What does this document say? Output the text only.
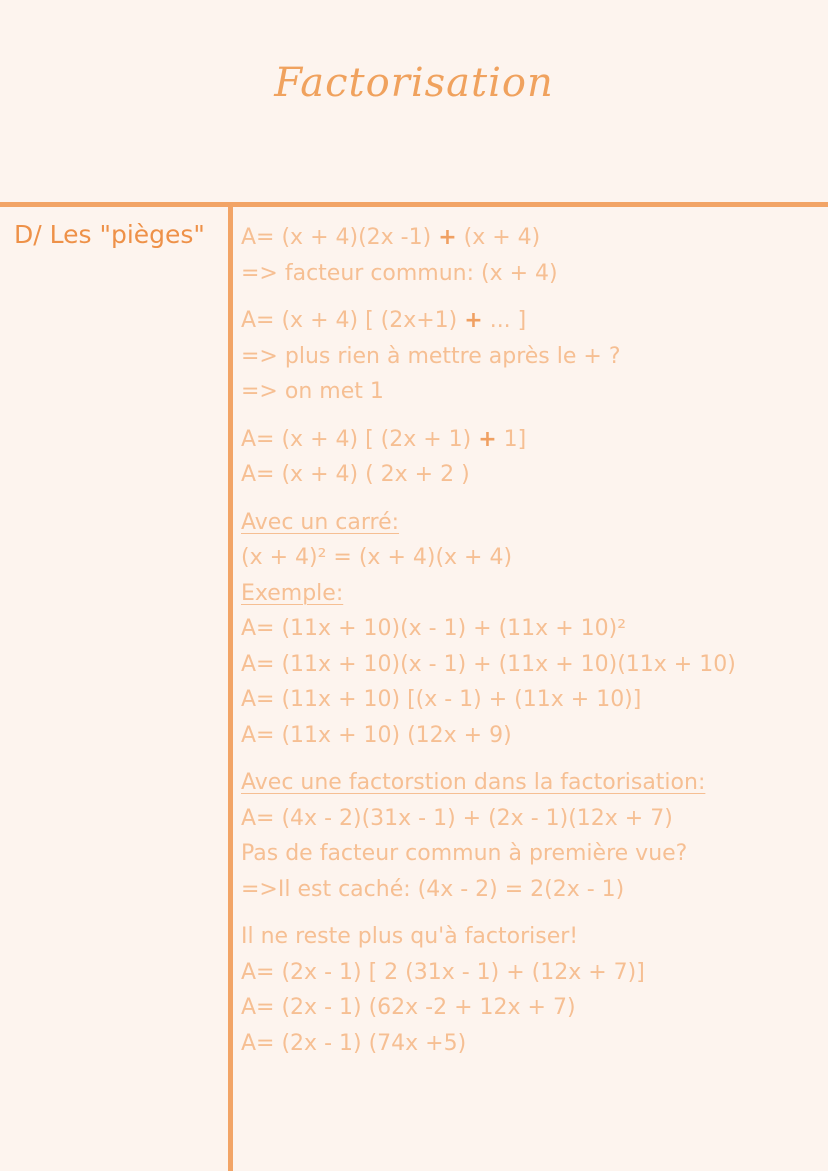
Factorisation
D/ Les "pièges" A= (x + 4)(2x -1) + (x + 4)
=> facteur commun: (x + 4)
A= (x + 4) [ (2x+1) + ... ]
=> plus rien à mettre après le + ?
=> on met 1
A= (x + 4) [ (2x + 1) + 1]
A= (x + 4) ( 2x + 2 )
Avec un carré:
(x + 4)² = (x + 4)(x + 4)
Exemple:
A= (11x + 10)(x - 1) + (11x + 10)²
A= (11x + 10)(x - 1) + (11x + 10)(11x + 10)
A= (11x + 10) [(x - 1) + (11x + 10)]
A= (11x + 10) (12x + 9)
Avec une factorstion dans la factorisation:
A= (4x - 2)(31x - 1) + (2x - 1)(12x + 7)
Pas de facteur commun à première vue?
=>Il est caché: (4x - 2) = 2(2x - 1)
Il ne reste plus qu'à factoriser!
A= (2x - 1) [ 2 (31x - 1) + (12x + 7)]
A= (2x - 1) (62x -2 + 12x + 7)
A= (2x - 1) (74x +5)
